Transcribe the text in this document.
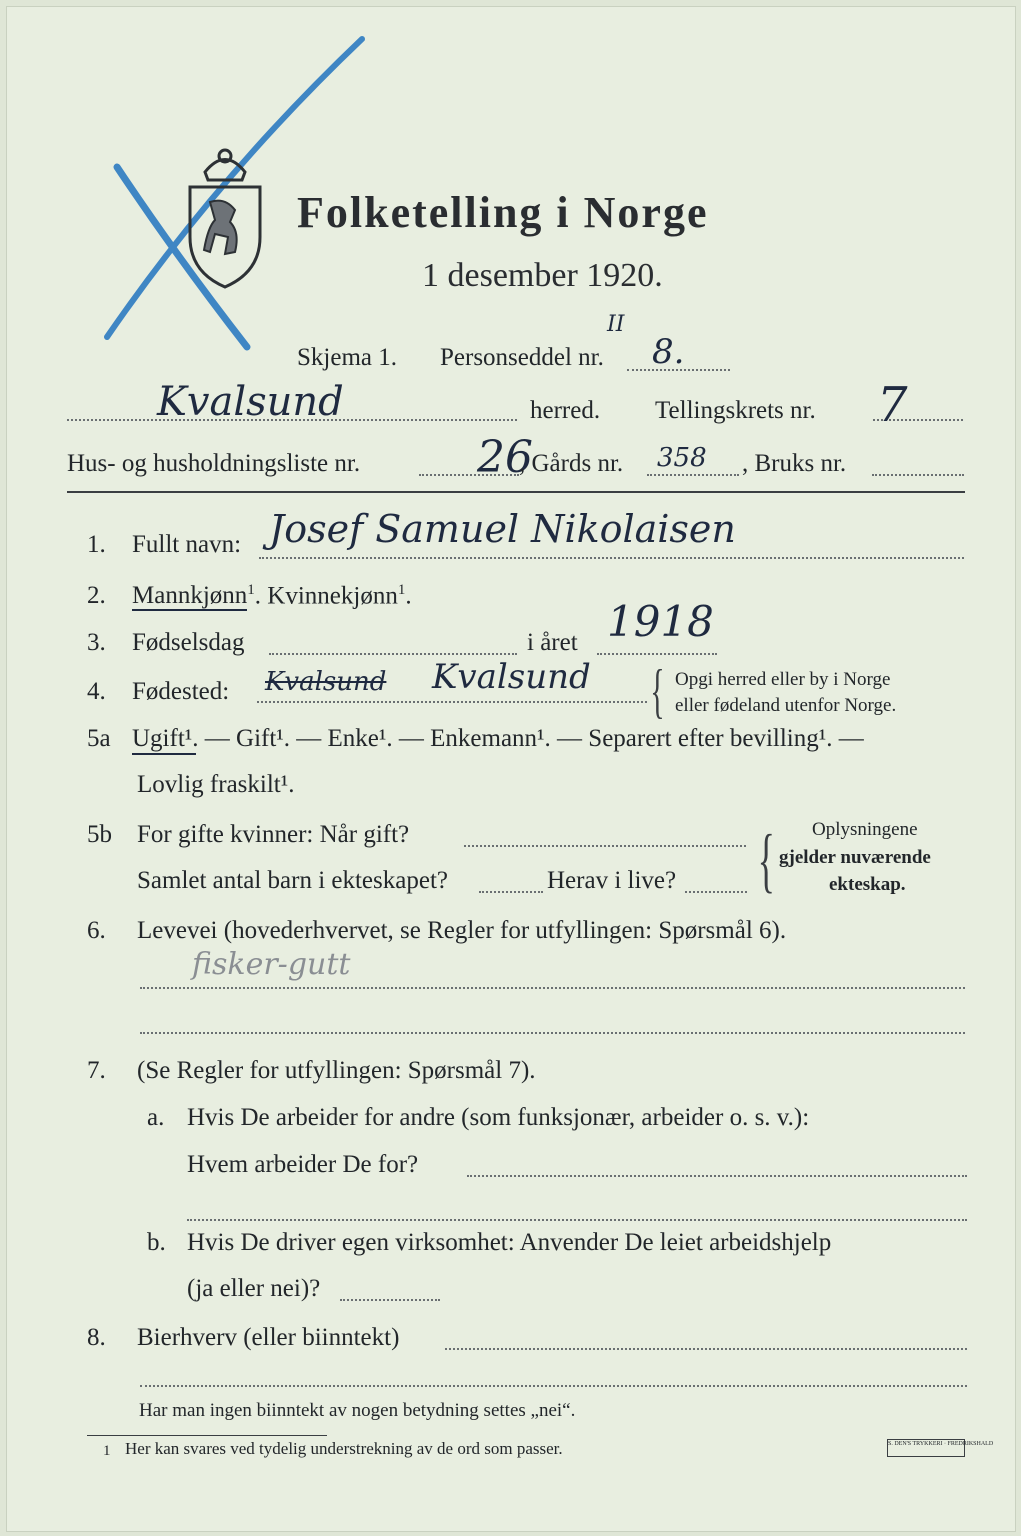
Folketelling i Norge
1 desember 1920.
Skjema 1. Personseddel nr.
II
8.
Kvalsund	herred. Tellingskrets nr. 7
Hus- og husholdningsliste nr.	26
, Gårds nr. 358 , Bruks nr.
1. Fullt navn: Josef Samuel Nikolaisen
2. Mannkjønn$^1$. Kvinnekjønn$^1$.
3. Fødselsdag	i året 1918
4. Fødested: Kvalsund Kvalsund { Opgi herred eller by i Norge
eller fødeland utenfor Norge.
5a Ugift¹. — Gift¹. — Enke¹. — Enkemann¹. — Separert efter bevilling¹. —
Lovlig fraskilt¹.
5b For gifte kvinner: Når gift?
Samlet antal barn i ekteskapet?	Herav i live? { Oplysningene
gjelder nuværende
ekteskap.
6. Levevei (hovederhvervet, se Regler for utfyllingen: Spørsmål 6).
fisker-gutt
7. (Se Regler for utfyllingen: Spørsmål 7).
a. Hvis De arbeider for andre (som funksjonær, arbeider o. s. v.):
Hvem arbeider De for?
b. Hvis De driver egen virksomhet: Anvender De leiet arbeidshjelp
(ja eller nei)?
8. Bierhverv (eller biinntekt)
Har man ingen biinntekt av nogen betydning settes „nei“.
1 Her kan svares ved tydelig understrekning av de ord som passer.	S. DEN'S TRYKKERI · FREDRIKSHALD
